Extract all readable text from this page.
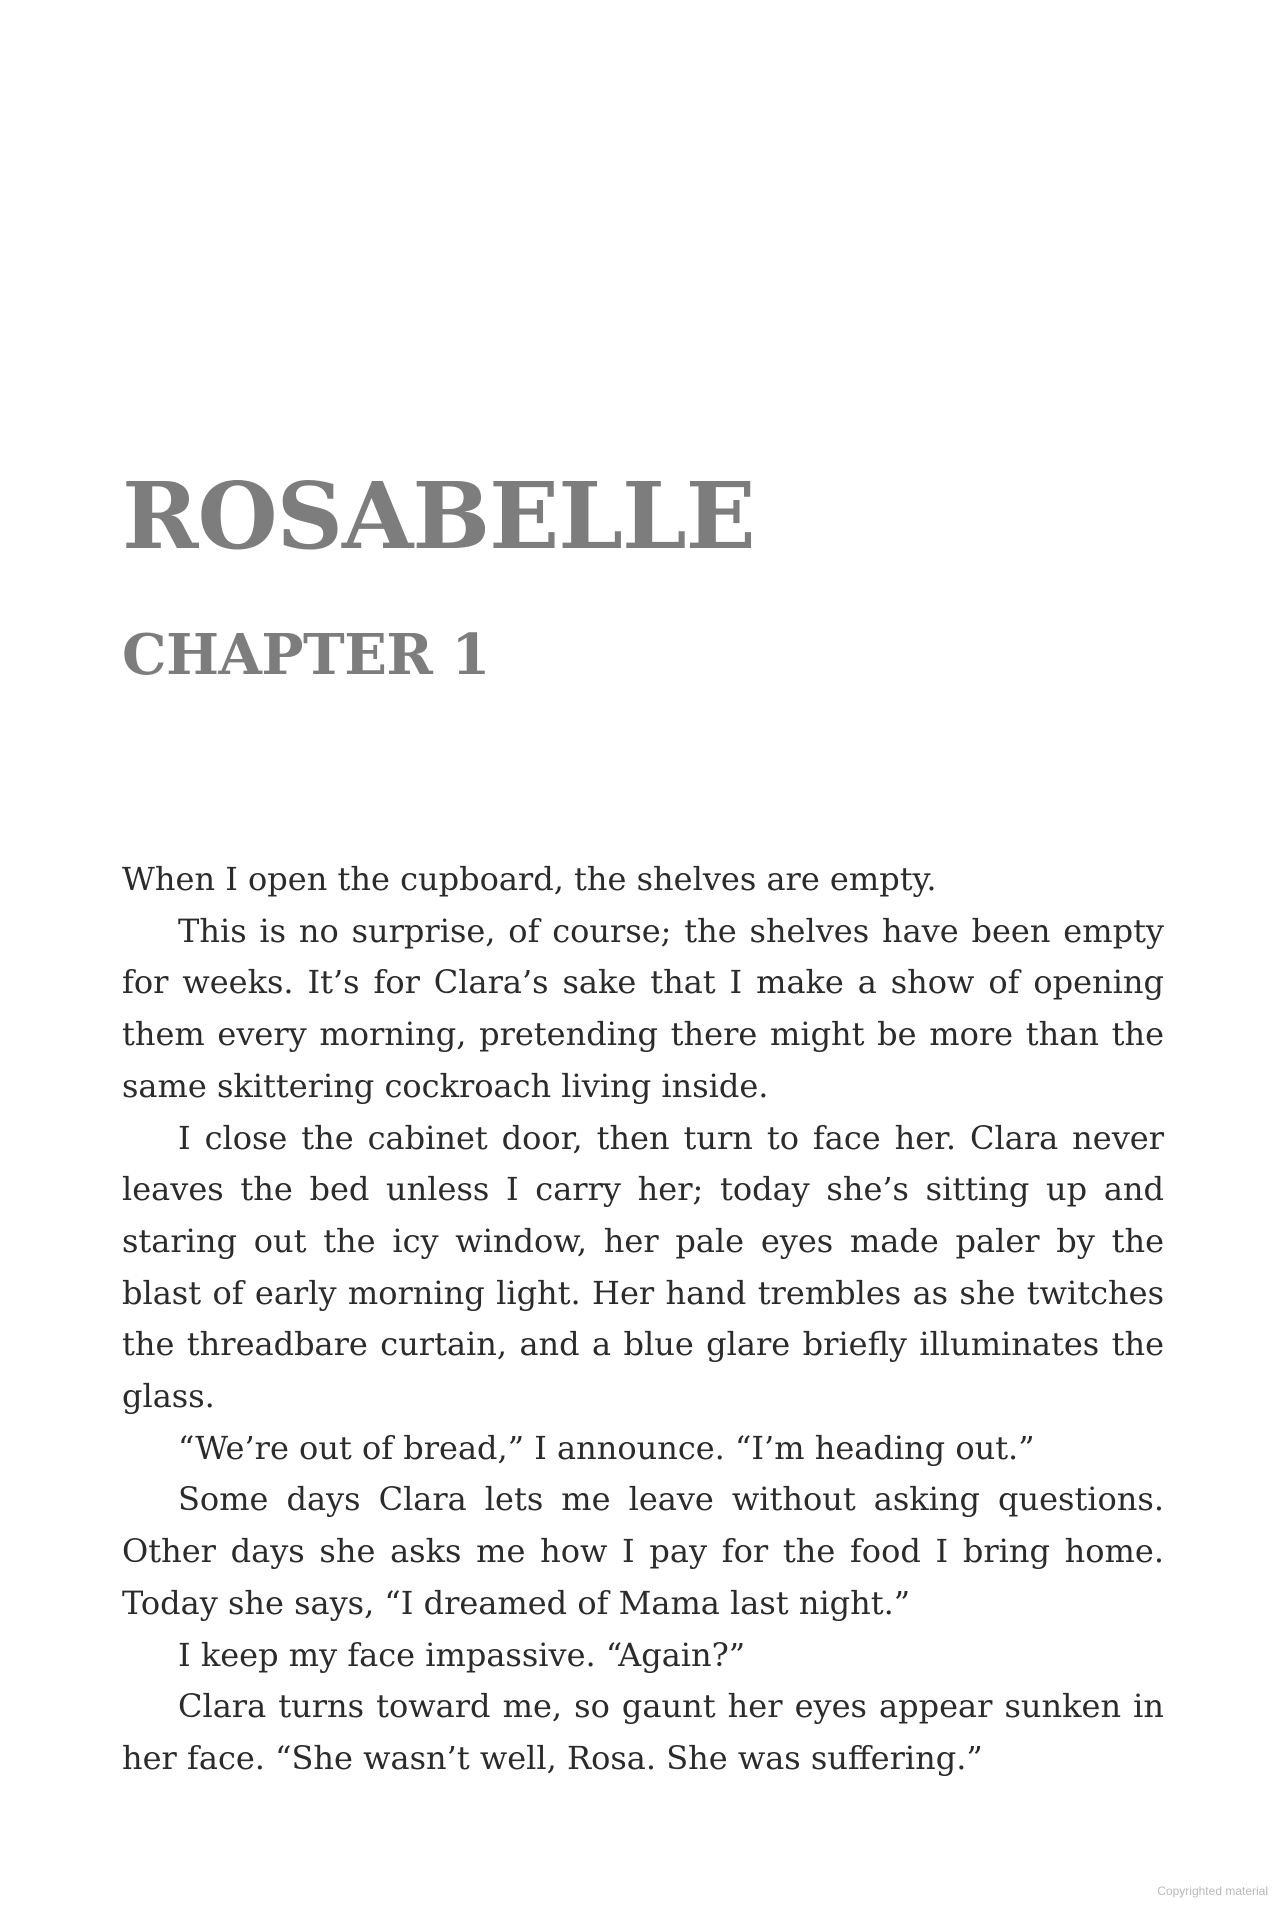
ROSABELLE
CHAPTER 1

When I open the cupboard, the shelves are empty.

This is no surprise, of course; the shelves have been empty for weeks. It’s for Clara’s sake that I make a show of opening them every morning, pretending there might be more than the same skittering cockroach living inside.

I close the cabinet door, then turn to face her. Clara never leaves the bed unless I carry her; today she’s sitting up and staring out the icy window, her pale eyes made paler by the blast of early morning light. Her hand trembles as she twitches the threadbare curtain, and a blue glare briefly illuminates the glass.

“We’re out of bread,” I announce. “I’m heading out.”

Some days Clara lets me leave without asking questions. Other days she asks me how I pay for the food I bring home. Today she says, “I dreamed of Mama last night.”

I keep my face impassive. “Again?”

Clara turns toward me, so gaunt her eyes appear sunken in her face. “She wasn’t well, Rosa. She was suffering.”

Copyrighted material
